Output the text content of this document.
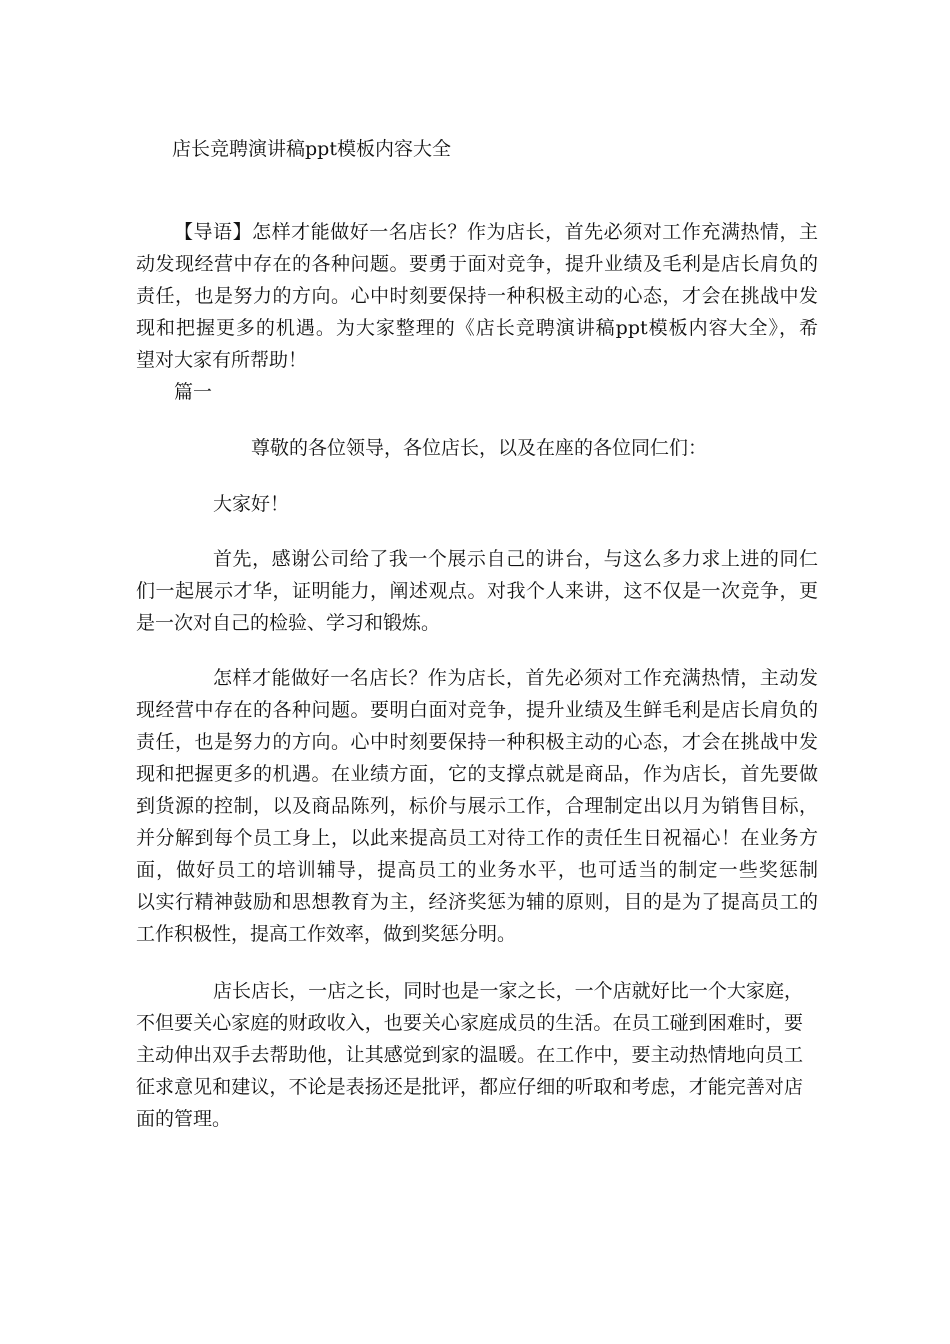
店长竞聘演讲稿ppt模板内容大全
【导语】怎样才能做好一名店长？作为店长，首先必须对工作充满热情，主
动发现经营中存在的各种问题。要勇于面对竞争，提升业绩及毛利是店长肩负的
责任，也是努力的方向。心中时刻要保持一种积极主动的心态，才会在挑战中发
现和把握更多的机遇。为大家整理的《店长竞聘演讲稿ppt模板内容大全》，希
望对大家有所帮助！
篇一
尊敬的各位领导，各位店长，以及在座的各位同仁们：
大家好！
首先，感谢公司给了我一个展示自己的讲台，与这么多力求上进的同仁
们一起展示才华，证明能力，阐述观点。对我个人来讲，这不仅是一次竞争，更
是一次对自己的检验、学习和锻炼。
怎样才能做好一名店长？作为店长，首先必须对工作充满热情，主动发
现经营中存在的各种问题。要明白面对竞争，提升业绩及生鲜毛利是店长肩负的
责任，也是努力的方向。心中时刻要保持一种积极主动的心态，才会在挑战中发
现和把握更多的机遇。在业绩方面，它的支撑点就是商品，作为店长，首先要做
到货源的控制，以及商品陈列，标价与展示工作，合理制定出以月为销售目标，
并分解到每个员工身上，以此来提高员工对待工作的责任生日祝福心！在业务方
面，做好员工的培训辅导，提高员工的业务水平，也可适当的制定一些奖惩制
以实行精神鼓励和思想教育为主，经济奖惩为辅的原则，目的是为了提高员工的
工作积极性，提高工作效率，做到奖惩分明。
店长店长，一店之长，同时也是一家之长，一个店就好比一个大家庭，
不但要关心家庭的财政收入，也要关心家庭成员的生活。在员工碰到困难时，要
主动伸出双手去帮助他，让其感觉到家的温暖。在工作中，要主动热情地向员工
征求意见和建议，不论是表扬还是批评，都应仔细的听取和考虑，才能完善对店
面的管理。
